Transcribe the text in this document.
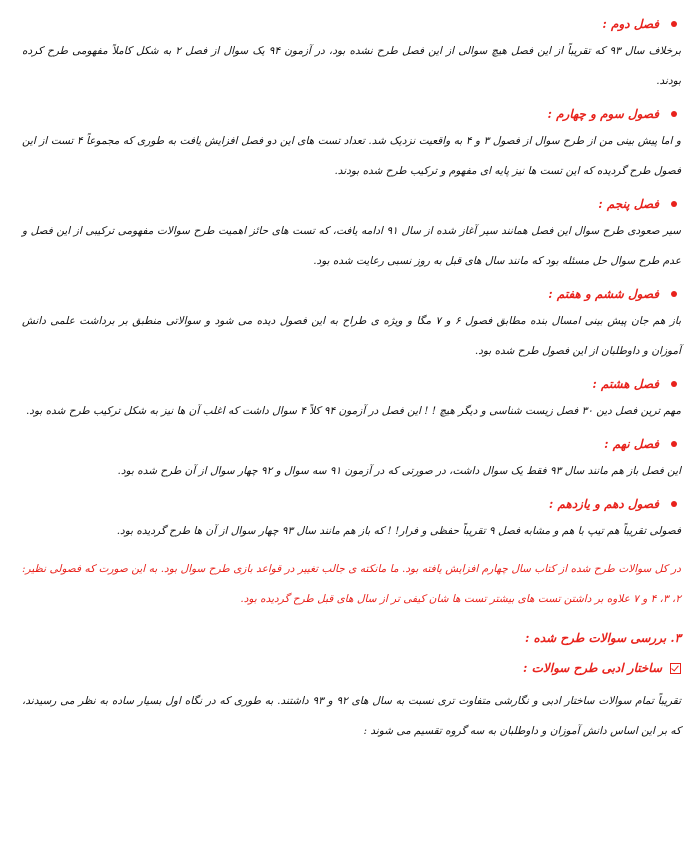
فصل دوم :

برخلاف سال ۹۳ که تقریباً از این فصل هیچ سوالی از این فصل طرح نشده بود، در آزمون ۹۴ یک سوال از فصل ۲ به شکل کاملاً مفهومی طرح کرده بودند.

فصول سوم و چهارم :

و اما پیش بینی من از طرح سوال از فصول ۳ و ۴ به واقعیت نزدیک شد. تعداد تست های این دو فصل افزایش یافت به طوری که مجموعاً ۴ تست از این فصول طرح گردیده که این تست ها نیز پایه ای مفهوم و ترکیب طرح شده بودند.

فصل پنجم :

سیر صعودی طرح سوال این فصل همانند سیر آغاز شده از سال ۹۱ ادامه یافت، که تست های حائز اهمیت طرح سوالات مفهومی ترکیبی از این فصل و عدم طرح سوال حل مسئله بود که مانند سال های قبل به روز نسبی رعایت شده بود.

فصول ششم و هفتم :

باز هم جان پیش بینی امسال بنده مطابق فصول ۶ و ۷ مگا و ویژه ی طراح به این فصول دیده می شود و سوالاتی منطبق بر برداشت علمی دانش آموزان و داوطلبان از این فصول طرح شده بود.

فصل هشتم :

مهم ترین فصل دین ۳۰ فصل زیست شناسی و دیگر هیچ ! ! این فصل در آزمون ۹۴ کلاً ۴ سوال داشت که اغلب آن ها نیز به شکل ترکیب طرح شده بود.

فصل نهم :

این فصل باز هم مانند سال ۹۳ فقط یک سوال داشت، در صورتی که در آزمون ۹۱ سه سوال و ۹۲ چهار سوال از آن طرح شده بود.

فصول دهم و یازدهم :

فصولی تقریباً هم تیپ با هم و مشابه فصل ۹ تقریباً حفظی و فرار! ! که باز هم مانند سال ۹۳ چهار سوال از آن ها طرح گردیده بود.

در کل سوالات طرح شده از کتاب سال چهارم افزایش یافته بود. ما مانکته ی جالب تغییر در قواعد بازی طرح سوال بود. به این صورت که فصولی نظیر: ۲، ۳، ۴ و ۷ علاوه بر داشتن تست های بیشتر تست ها شان کیفی تر از سال های قبل طرح گردیده بود.

۳. بررسی سوالات طرح شده :
ساختار ادبی طرح سوالات :

تقریباً تمام سوالات ساختار ادبی و نگارشی متفاوت تری نسبت به سال های ۹۲ و ۹۳ داشتند. به طوری که در نگاه اول بسیار ساده به نظر می رسیدند، که بر این اساس دانش آموزان و داوطلبان به سه گروه تقسیم می شوند :
